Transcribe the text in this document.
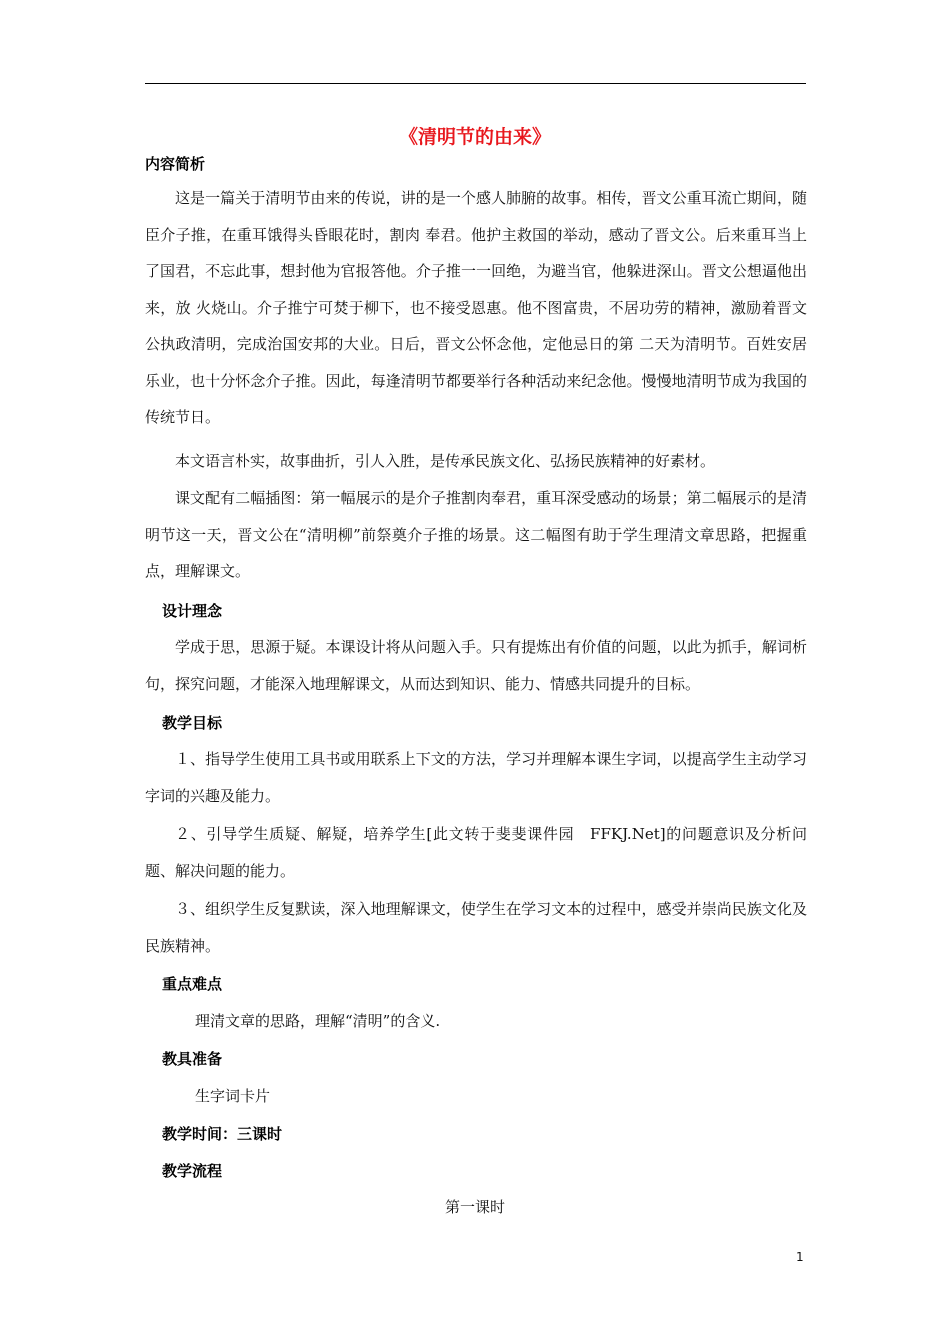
《清明节的由来》
内容简析

这是一篇关于清明节由来的传说，讲的是一个感人肺腑的故事。相传，晋文公重耳流亡期间，随臣介子推，在重耳饿得头昏眼花时，割肉 奉君。他护主救国的举动，感动了晋文公。后来重耳当上了国君，不忘此事，想封他为官报答他。介子推一一回绝，为避当官，他躲进深山。晋文公想逼他出来，放 火烧山。介子推宁可焚于柳下，也不接受恩惠。他不图富贵，不居功劳的精神，激励着晋文公执政清明，完成治国安邦的大业。日后，晋文公怀念他，定他忌日的第 二天为清明节。百姓安居乐业，也十分怀念介子推。因此，每逢清明节都要举行各种活动来纪念他。慢慢地清明节成为我国的传统节日。

本文语言朴实，故事曲折，引人入胜，是传承民族文化、弘扬民族精神的好素材。

课文配有二幅插图：第一幅展示的是介子推割肉奉君，重耳深受感动的场景；第二幅展示的是清明节这一天，晋文公在“清明柳”前祭奠介子推的场景。这二幅图有助于学生理清文章思路，把握重点，理解课文。

设计理念

学成于思，思源于疑。本课设计将从问题入手。只有提炼出有价值的问题，以此为抓手，解词析句，探究问题，才能深入地理解课文，从而达到知识、能力、情感共同提升的目标。

教学目标

１、指导学生使用工具书或用联系上下文的方法，学习并理解本课生字词，以提高学生主动学习字词的兴趣及能力。

２、引导学生质疑、解疑，培养学生[此文转于斐斐课件园　FFKJ.Net]的问题意识及分析问题、解决问题的能力。

３、组织学生反复默读，深入地理解课文，使学生在学习文本的过程中，感受并崇尚民族文化及民族精神。

重点难点
理清文章的思路，理解“清明”的含义.
教具准备
生字词卡片
教学时间：三课时
教学流程
第一课时
1
